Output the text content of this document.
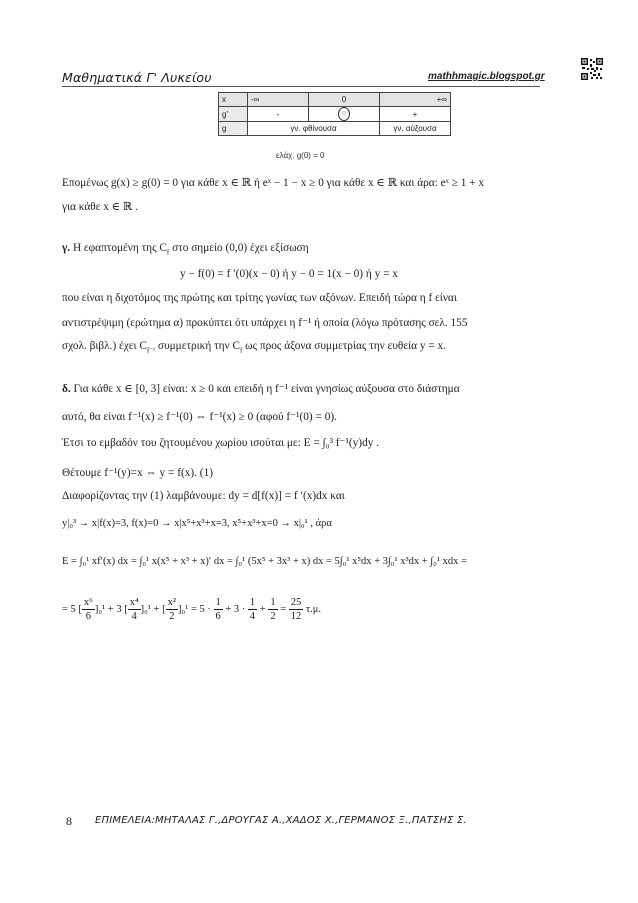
Μαθηματικά Γ' Λυκείου	mathhmagic.blogspot.gr
x	-∞	0	+∞
g'	-	○	+
g	γν. φθίνουσα		γν. αύξουσα
ελάχ. g(0) = 0
Επομένως g(x) ≥ g(0) = 0 για κάθε x ∈ ℝ ή eˣ − 1 − x ≥ 0 για κάθε x ∈ ℝ και άρα: eˣ ≥ 1 + x
για κάθε x ∈ ℝ .
γ. Η εφαπτομένη της $C_f$ στο σημείο (0,0) έχει εξίσωση
y − f(0) = f ′(0)(x − 0) ή y − 0 = 1(x − 0) ή y = x
που είναι η διχοτόμος της πρώτης και τρίτης γωνίας των αξόνων. Επειδή τώρα η f είναι
αντιστρέψιμη (ερώτημα α) προκύπτει ότι υπάρχει η f⁻¹ ή οποία (λόγω πρότασης σελ. 155
σχολ. βιβλ.) έχει $C_{f^{-1}}$ συμμετρική την $C_f$ ως προς άξονα συμμετρίας την ευθεία y = x.
δ. Για κάθε x ∈ [0, 3] είναι: x ≥ 0 και επειδή η f⁻¹ είναι γνησίως αύξουσα στο διάστημα
αυτό, θα είναι f⁻¹(x) ≥ f⁻¹(0) ⇔ f⁻¹(x) ≥ 0 (αφού f⁻¹(0) = 0).
Έτσι το εμβαδόν του ζητουμένου χωρίου ισούται με: E = ∫₀³ f⁻¹(y)dy .
Θέτουμε f⁻¹(y)=x ⇔ y = f(x). (1)
Διαφορίζοντας την (1) λαμβάνουμε: dy = d[f(x)] = f ′(x)dx και
y|₀³ → x|f(x)=3, f(x)=0 → x|x⁵+x³+x=3, x⁵+x³+x=0 → x|₀¹ , άρα
E = ∫₀¹ xf′(x) dx = ∫₀¹ x(x⁵ + x³ + x)′ dx = ∫₀¹ (5x⁵ + 3x³ + x) dx = 5∫₀¹ x⁵dx + 3∫₀¹ x³dx + ∫₀¹ xdx =
= 5 [ $\frac{\text{x⁶}}{6} ]_0^1 + 3$ [ $\frac{\text{x⁴}}{4} ]_0^1$ + [ $\frac{\text{x²}}{2} ]_0^1 = 5 \cdot \frac{1}{6} + 3 \cdot \frac{1}{4} + \frac{1}{2} = \frac{25}{12} \tau.\mu$.
8 ΕΠΙΜΕΛΕΙΑ:ΜΗΤΑΛΑΣ Γ.,ΔΡΟΥΓΑΣ Α.,ΧΑΔΟΣ Χ.,ΓΕΡΜΑΝΟΣ Ξ.,ΠΑΤΣΗΣ Σ.
